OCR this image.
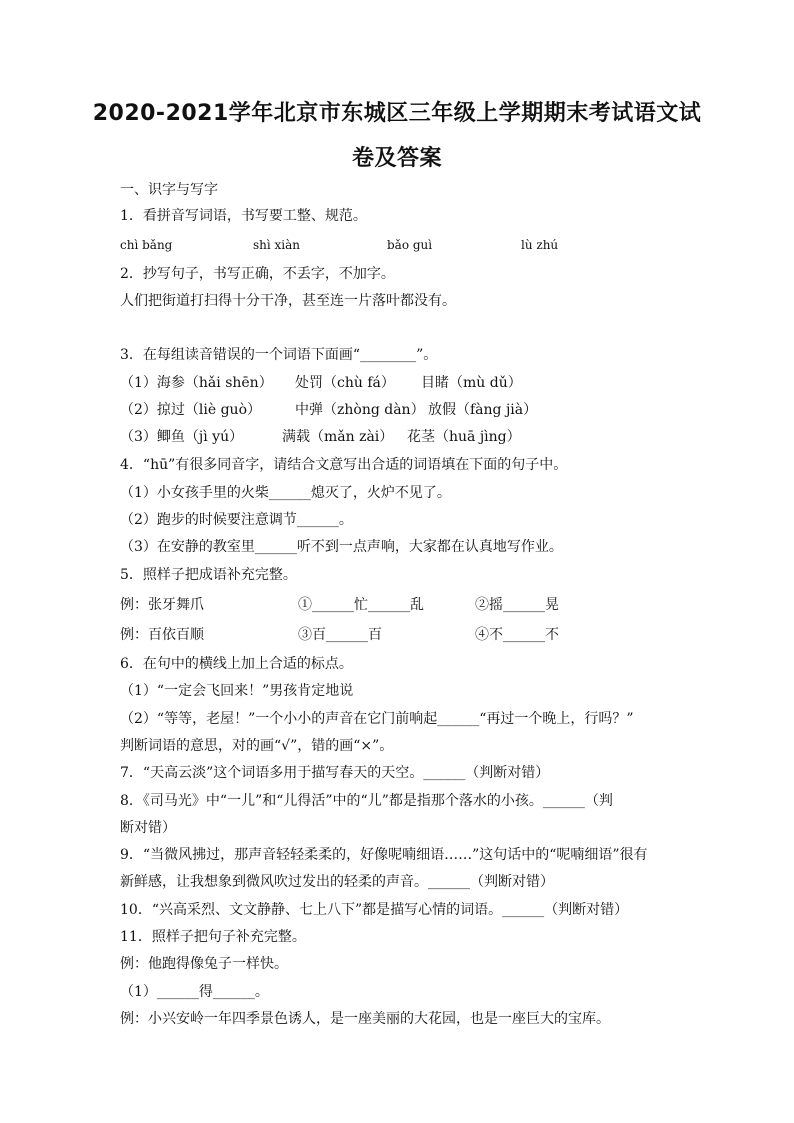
2020-2021学年北京市东城区三年级上学期期末考试语文试
卷及答案
一、识字与写字
1．看拼音写词语，书写要工整、规范。
chì bǎng	shì xiàn	bǎo guì	lù zhú
2．抄写句子，书写正确，不丢字，不加字。
人们把街道打扫得十分干净，甚至连一片落叶都没有。
3．在每组读音错误的一个词语下面画“________”。
（1）海参（hǎi shēn） 处罚（chù fá） 目睹（mù dǔ）
（2）掠过（liè guò） 中弹（zhòng dàn） 放假（fàng jià）
（3）鲫鱼（jì yú）	满载（mǎn zài） 花茎（huā jìng）
4．“hū”有很多同音字，请结合文意写出合适的词语填在下面的句子中。
（1）小女孩手里的火柴______熄灭了，火炉不见了。
（2）跑步的时候要注意调节______。
（3）在安静的教室里______听不到一点声响，大家都在认真地写作业。
5．照样子把成语补充完整。
例：张牙舞爪	①______忙______乱	②摇______晃
例：百依百顺	③百______百	④不______不
6．在句中的横线上加上合适的标点。
（1）“一定会飞回来！”男孩肯定地说
（2）“等等，老屋！”一个小小的声音在它门前响起______“再过一个晚上，行吗？”
判断词语的意思，对的画“√”，错的画“×”。
7．“天高云淡”这个词语多用于描写春天的天空。______（判断对错）
8．《司马光》中“一儿”和“儿得活”中的“儿”都是指那个落水的小孩。______（判
断对错）
9．“当微风拂过，那声音轻轻柔柔的，好像呢喃细语……”这句话中的“呢喃细语”很有
新鲜感，让我想象到微风吹过发出的轻柔的声音。______（判断对错）
10．“兴高采烈、文文静静、七上八下”都是描写心情的词语。______（判断对错）
11．照样子把句子补充完整。
例：他跑得像兔子一样快。
（1）______得______。
例：小兴安岭一年四季景色诱人，是一座美丽的大花园，也是一座巨大的宝库。
